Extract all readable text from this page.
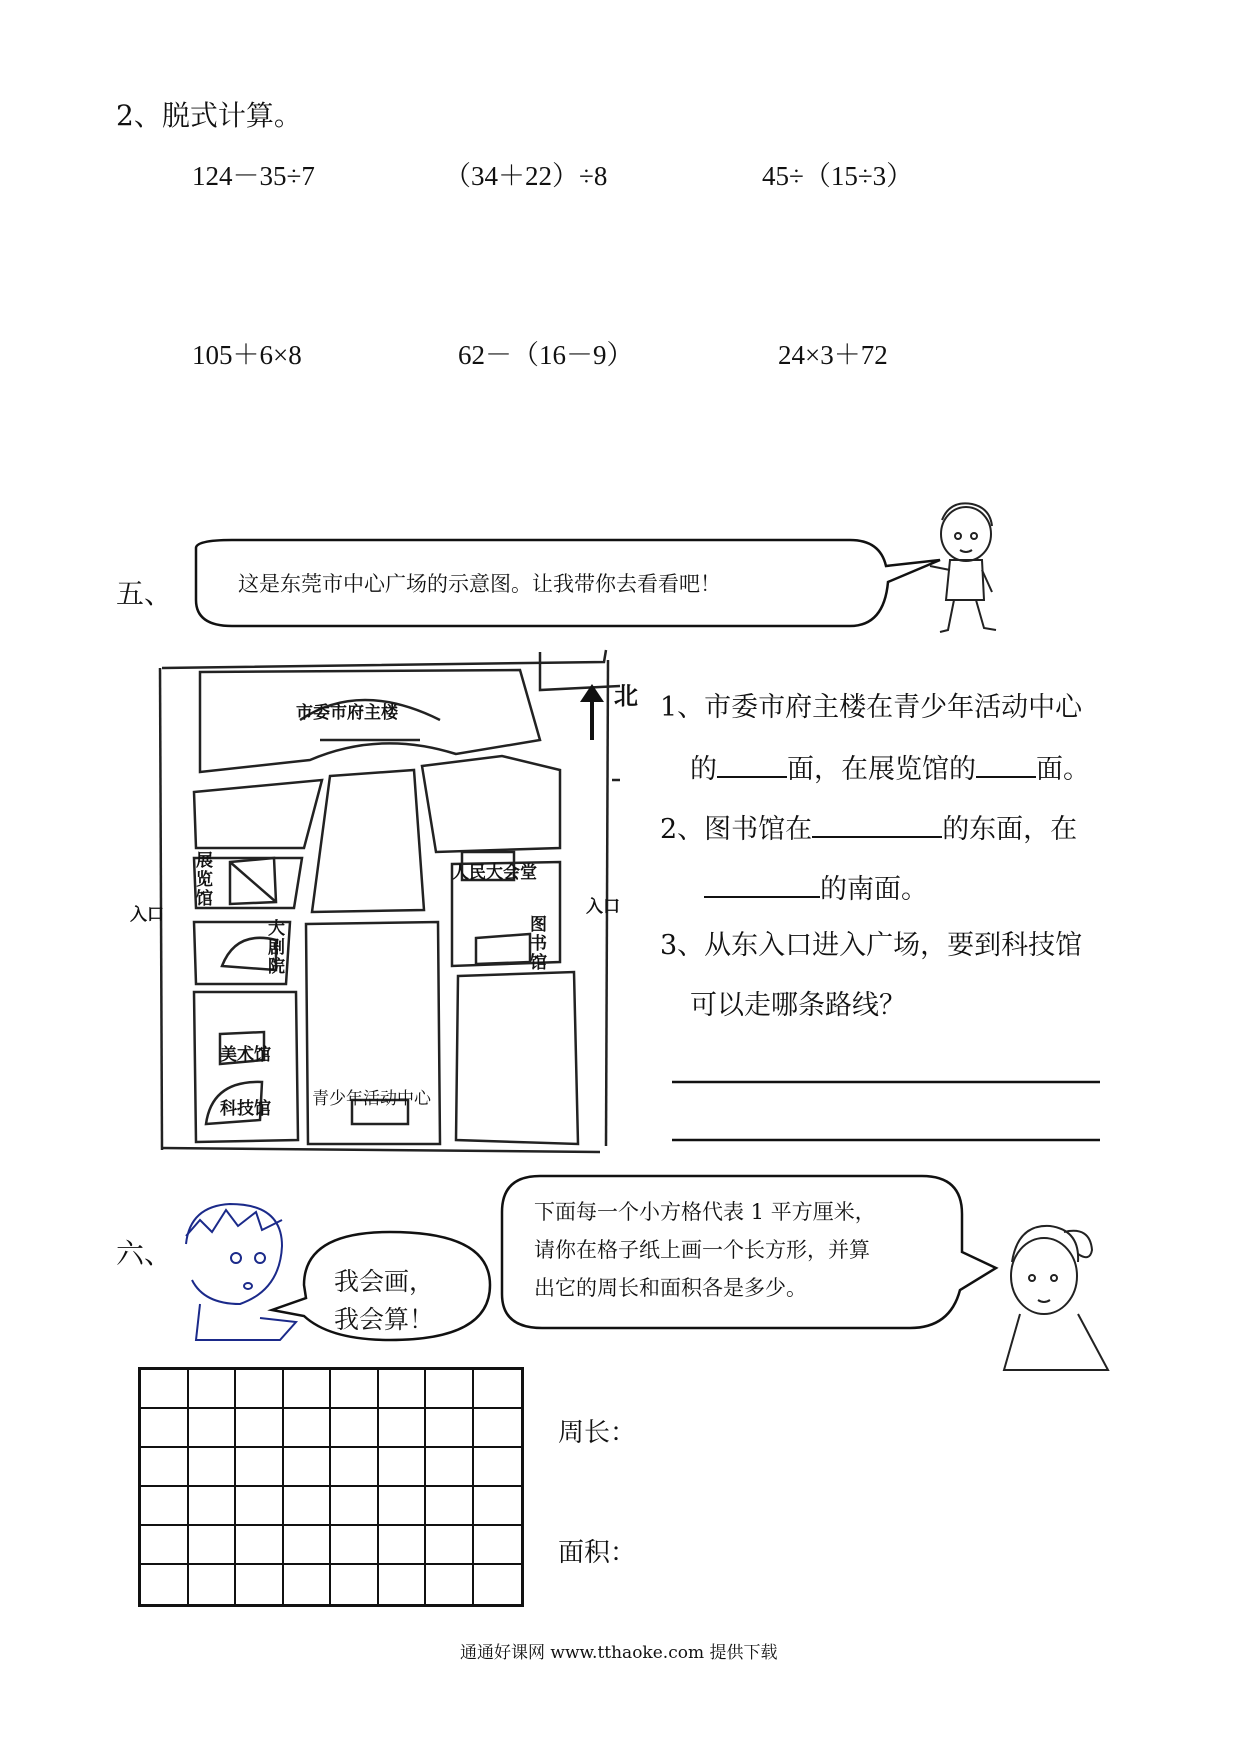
2、脱式计算。
124－35÷7	（34＋22）÷8	45÷（15÷3）
105＋6×8	62－（16－9）	24×3＋72
五、	这是东莞市中心广场的示意图。让我带你去看看吧！
北
入口	入口
市委市府主楼
展览馆
大剧院
美术馆
科技馆
人民大会堂
图书馆
青少年活动中心
1、市委市府主楼在青少年活动中心
的	面，在展览馆的 面。
2、图书馆在	的东面，在
的南面。
3、从东入口进入广场，要到科技馆
可以走哪条路线？
六、
我会画，
我会算！
下面每一个小方格代表 1 平方厘米，
请你在格子纸上画一个长方形，并算
出它的周长和面积各是多少。
周长：
面积：
通通好课网 www.tthaoke.com 提供下载
